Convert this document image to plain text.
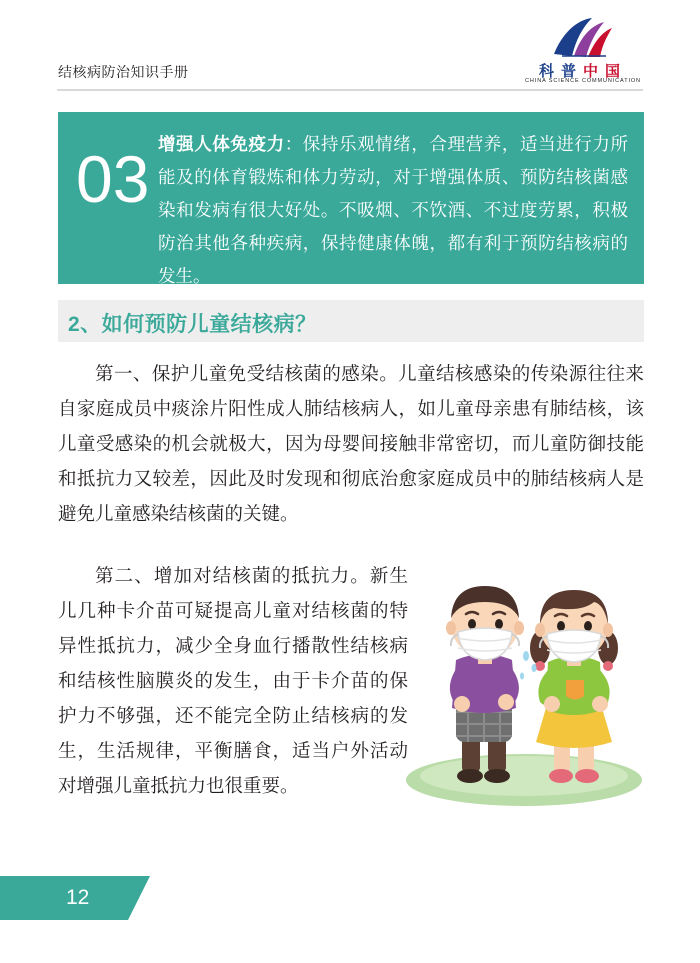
结核病防治知识手册	科普中国
CHINA SCIENCE COMMUNICATION
03 增强人体免疫力：保持乐观情绪，合理营养，适当进行力所能及的体育锻炼和体力劳动，对于增强体质、预防结核菌感染和发病有很大好处。不吸烟、不饮酒、不过度劳累，积极防治其他各种疾病，保持健康体魄，都有利于预防结核病的发生。
2、如何预防儿童结核病？
第一、保护儿童免受结核菌的感染。儿童结核感染的传染源往往来自家庭成员中痰涂片阳性成人肺结核病人，如儿童母亲患有肺结核，该儿童受感染的机会就极大，因为母婴间接触非常密切，而儿童防御技能和抵抗力又较差，因此及时发现和彻底治愈家庭成员中的肺结核病人是避免儿童感染结核菌的关键。
第二、增加对结核菌的抵抗力。新生儿几种卡介苗可疑提高儿童对结核菌的特异性抵抗力，减少全身血行播散性结核病和结核性脑膜炎的发生，由于卡介苗的保护力不够强，还不能完全防止结核病的发生，生活规律，平衡膳食，适当户外活动对增强儿童抵抗力也很重要。
12
